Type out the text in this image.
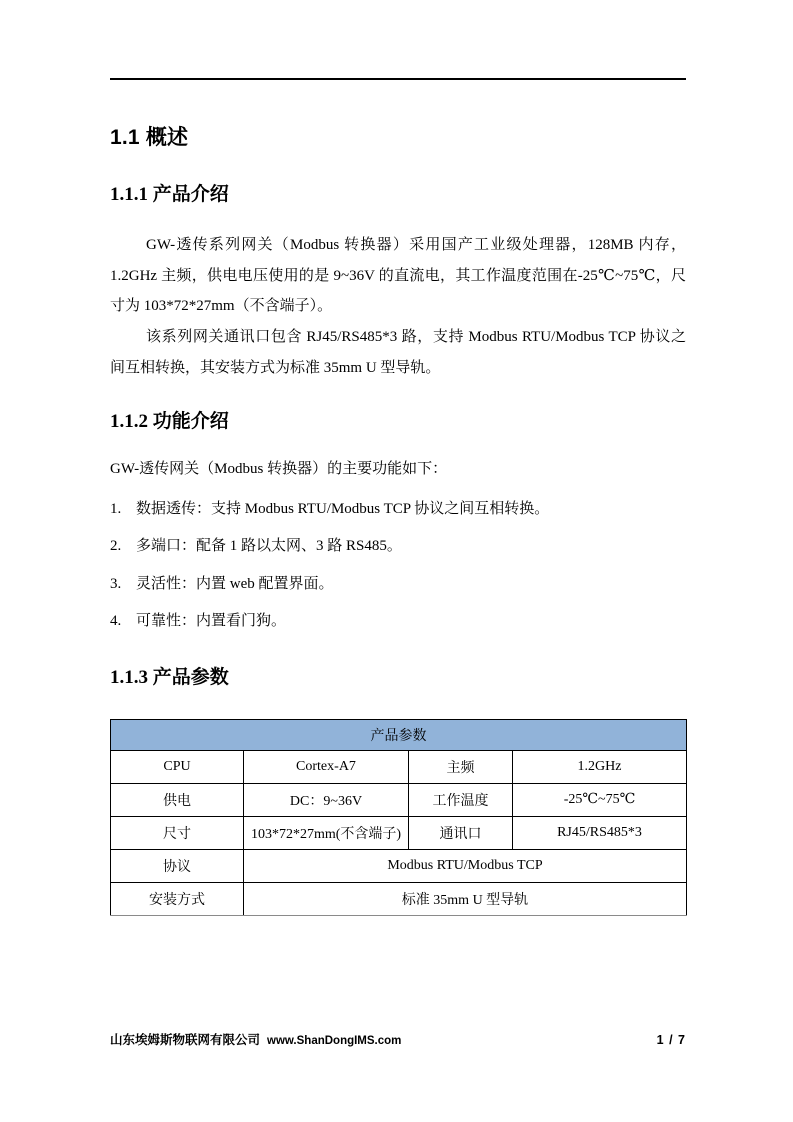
1.1 概述
1.1.1 产品介绍

GW-透传系列网关（Modbus 转换器）采用国产工业级处理器，128MB 内存，1.2GHz 主频，供电电压使用的是 9~36V 的直流电，其工作温度范围在-25℃~75℃，尺寸为 103*72*27mm（不含端子）。

该系列网关通讯口包含 RJ45/RS485*3 路，支持 Modbus RTU/Modbus TCP 协议之间互相转换，其安装方式为标准 35mm U 型导轨。

1.1.2 功能介绍

GW-透传网关（Modbus 转换器）的主要功能如下：

1. 数据透传：支持 Modbus RTU/Modbus TCP 协议之间互相转换。
2. 多端口：配备 1 路以太网、3 路 RS485。
3. 灵活性：内置 web 配置界面。
4. 可靠性：内置看门狗。
1.1.3 产品参数
产品参数			
CPU	Cortex-A7	主频	1.2GHz
供电	DC：9~36V	工作温度	-25℃~75℃
尺寸	103*72*27mm(不含端子)	通讯口	RJ45/RS485*3
协议	Modbus RTU/Modbus TCP		
安装方式	标准 35mm U 型导轨		
山东埃姆斯物联网有限公司 www.ShanDongIMS.com	1 / 7
